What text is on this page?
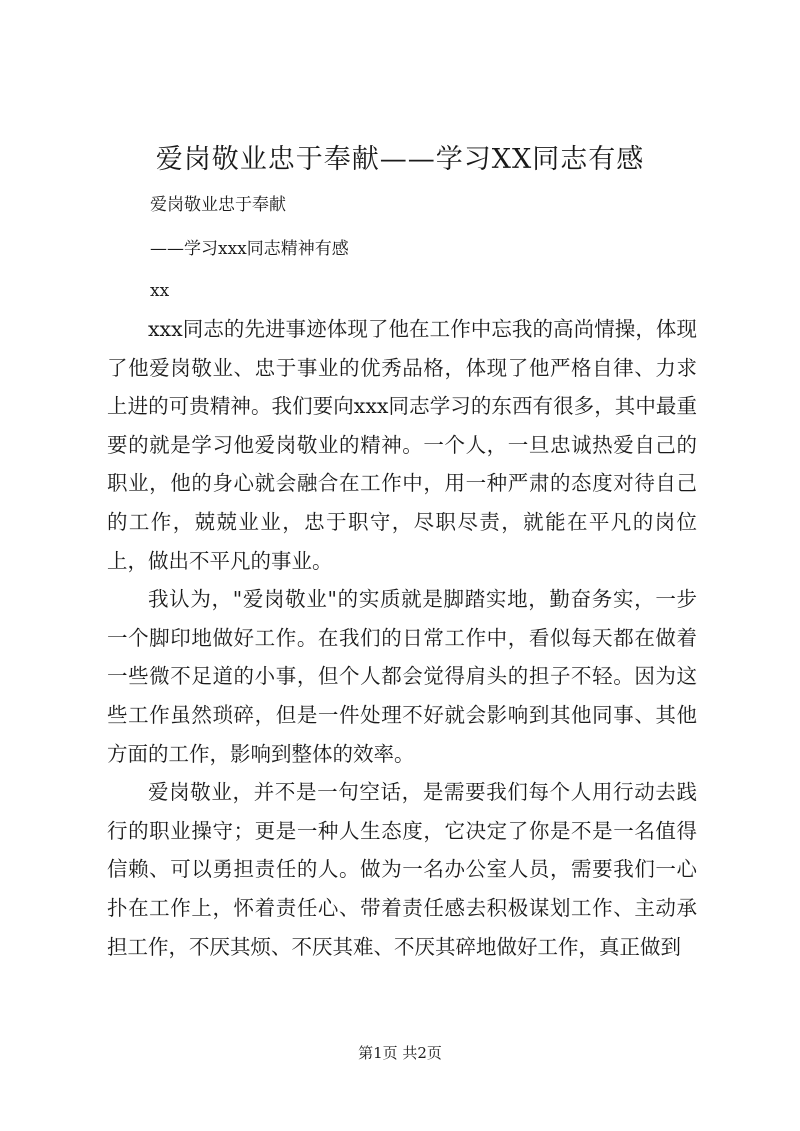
爱岗敬业忠于奉献——学习XX同志有感
爱岗敬业忠于奉献
——学习xxx同志精神有感
xx

xxx同志的先进事迹体现了他在工作中忘我的高尚情操，体现了他爱岗敬业、忠于事业的优秀品格，体现了他严格自律、力求上进的可贵精神。我们要向xxx同志学习的东西有很多，其中最重要的就是学习他爱岗敬业的精神。一个人，一旦忠诚热爱自己的职业，他的身心就会融合在工作中，用一种严肃的态度对待自己的工作，兢兢业业，忠于职守，尽职尽责，就能在平凡的岗位上，做出不平凡的事业。

我认为，"爱岗敬业"的实质就是脚踏实地，勤奋务实，一步一个脚印地做好工作。在我们的日常工作中，看似每天都在做着一些微不足道的小事，但个人都会觉得肩头的担子不轻。因为这些工作虽然琐碎，但是一件处理不好就会影响到其他同事、其他方面的工作，影响到整体的效率。

爱岗敬业，并不是一句空话，是需要我们每个人用行动去践行的职业操守；更是一种人生态度，它决定了你是不是一名值得信赖、可以勇担责任的人。做为一名办公室人员，需要我们一心扑在工作上，怀着责任心、带着责任感去积极谋划工作、主动承担工作，不厌其烦、不厌其难、不厌其碎地做好工作，真正做到

第1页 共2页
